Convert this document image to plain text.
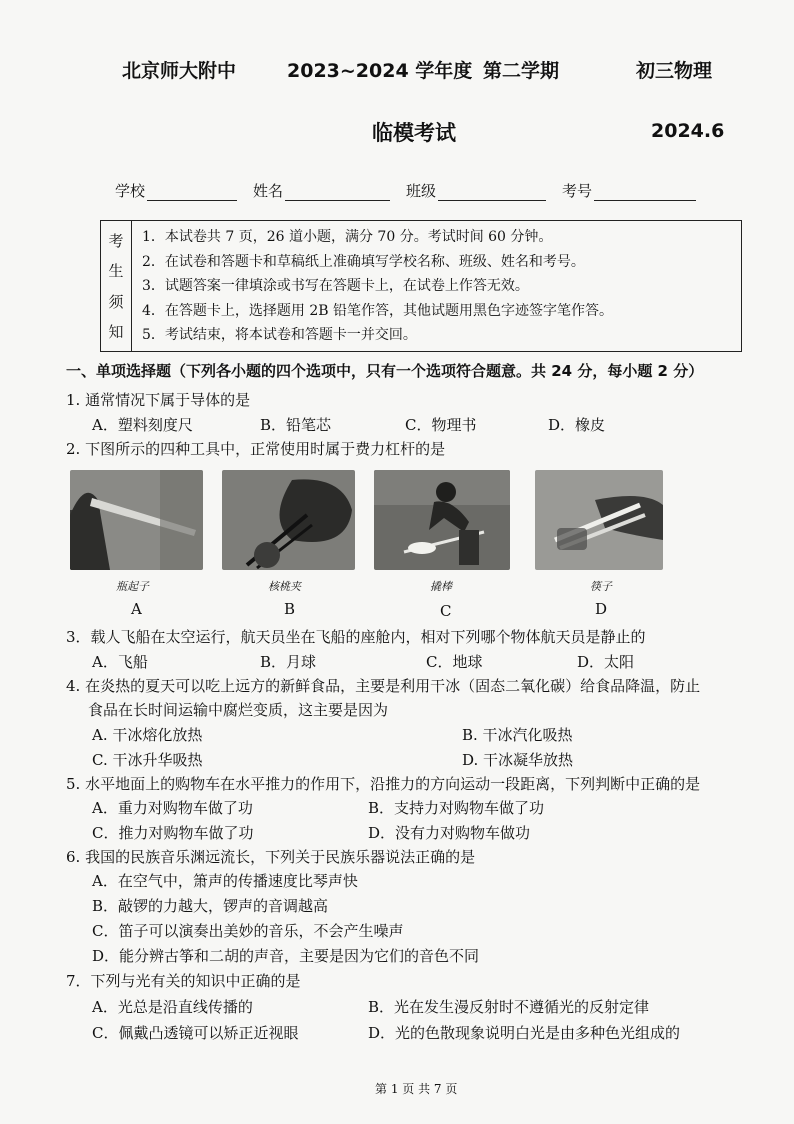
北京师大附中	2023~2024 学年度 第二学期	初三物理
临模考试	2024.6
学校	姓名	班级	考号
考
生
须
知
1．本试卷共 7 页，26 道小题，满分 70 分。考试时间 60 分钟。
2．在试卷和答题卡和草稿纸上准确填写学校名称、班级、姓名和考号。
3．试题答案一律填涂或书写在答题卡上，在试卷上作答无效。
4．在答题卡上，选择题用 2B 铅笔作答，其他试题用黑色字迹签字笔作答。
5．考试结束，将本试卷和答题卡一并交回。
一、单项选择题（下列各小题的四个选项中，只有一个选项符合题意。共 24 分，每小题 2 分）
1. 通常情况下属于导体的是
A．塑料刻度尺	B．铅笔芯	C．物理书	D．橡皮
2. 下图所示的四种工具中，正常使用时属于费力杠杆的是
瓶起子	核桃夹	撬棒	筷子
A	B	C	D
3．载人飞船在太空运行，航天员坐在飞船的座舱内，相对下列哪个物体航天员是静止的
A．飞船	B．月球	C．地球	D．太阳
4. 在炎热的夏天可以吃上远方的新鲜食品，主要是利用干冰（固态二氧化碳）给食品降温，防止
食品在长时间运输中腐烂变质，这主要是因为
A. 干冰熔化放热	B. 干冰汽化吸热
C. 干冰升华吸热	D. 干冰凝华放热
5. 水平地面上的购物车在水平推力的作用下，沿推力的方向运动一段距离，下列判断中正确的是
A．重力对购物车做了功	B．支持力对购物车做了功
C．推力对购物车做了功	D．没有力对购物车做功
6. 我国的民族音乐渊远流长，下列关于民族乐器说法正确的是
A．在空气中，箫声的传播速度比琴声快
B．敲锣的力越大，锣声的音调越高
C．笛子可以演奏出美妙的音乐，不会产生噪声
D．能分辨古筝和二胡的声音，主要是因为它们的音色不同
7．下列与光有关的知识中正确的是
A．光总是沿直线传播的	B．光在发生漫反射时不遵循光的反射定律
C．佩戴凸透镜可以矫正近视眼	D．光的色散现象说明白光是由多种色光组成的
第 1 页 共 7 页
